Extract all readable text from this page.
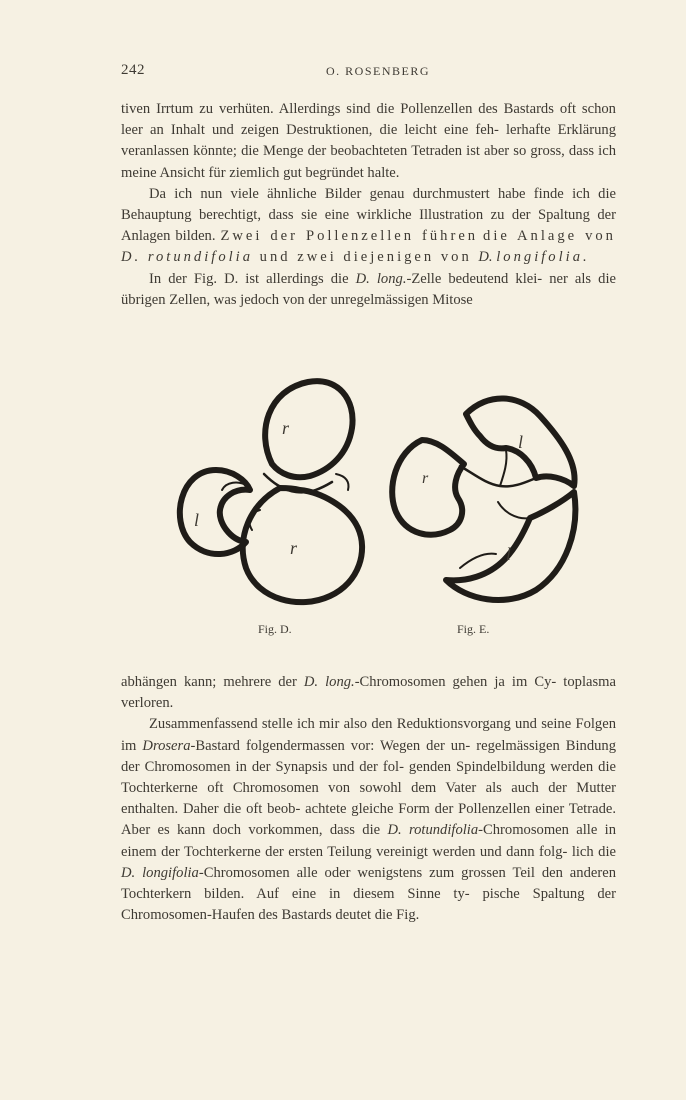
242	O. ROSENBERG

tiven Irrtum zu verhüten. Allerdings sind die Pollenzellen des Bastards oft schon leer an Inhalt und zeigen Destruktionen, die leicht eine feh- lerhafte Erklärung veranlassen könnte; die Menge der beobachteten Tetraden ist aber so gross, dass ich meine Ansicht für ziemlich gut begründet halte.

Da ich nun viele ähnliche Bilder genau durchmustert habe finde ich die Behauptung berechtigt, dass sie eine wirkliche Illustration zu der Spaltung der Anlagen bilden. Zwei der Pollenzellen führen die Anlage von D. rotundifolia und zwei diejenigen von D. longifolia.

In der Fig. D. ist allerdings die D. long.-Zelle bedeutend klei- ner als die übrigen Zellen, was jedoch von der unregelmässigen Mitose

r
l
r
r
l
l
Fig. D.	Fig. E.

abhängen kann; mehrere der D. long.-Chromosomen gehen ja im Cy- toplasma verloren.

Zusammenfassend stelle ich mir also den Reduktionsvorgang und seine Folgen im Drosera-Bastard folgendermassen vor: Wegen der un- regelmässigen Bindung der Chromosomen in der Synapsis und der fol- genden Spindelbildung werden die Tochterkerne oft Chromosomen von sowohl dem Vater als auch der Mutter enthalten. Daher die oft beob- achtete gleiche Form der Pollenzellen einer Tetrade. Aber es kann doch vorkommen, dass die D. rotundifolia-Chromosomen alle in einem der Tochterkerne der ersten Teilung vereinigt werden und dann folg- lich die D. longifolia-Chromosomen alle oder wenigstens zum grossen Teil den anderen Tochterkern bilden. Auf eine in diesem Sinne ty- pische Spaltung der Chromosomen-Haufen des Bastards deutet die Fig.
